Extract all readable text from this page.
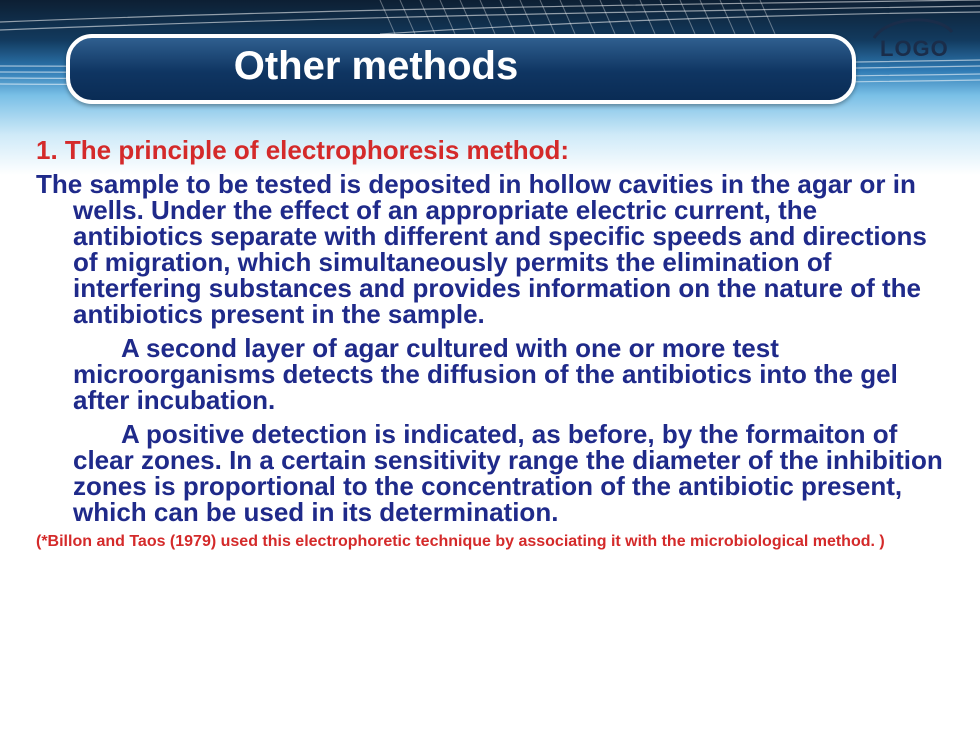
Other methods	LOGO
1. The principle of electrophoresis method:
The sample to be tested is deposited in hollow cavities in the agar or in wells. Under the effect of an appropriate electric current, the antibiotics separate with different and specific speeds and directions of migration, which simultaneously permits the elimination of interfering substances and provides information on the nature of the antibiotics present in the sample.
A second layer of agar cultured with one or more test microorganisms detects the diffusion of the antibiotics into the gel after incubation.
A positive detection is indicated, as before, by the formaiton of clear zones. In a certain sensitivity range the diameter of the inhibition zones is proportional to the concentration of the antibiotic present, which can be used in its determination.
(*Billon and Taos (1979) used this electrophoretic technique by associating it with the microbiological method. )
